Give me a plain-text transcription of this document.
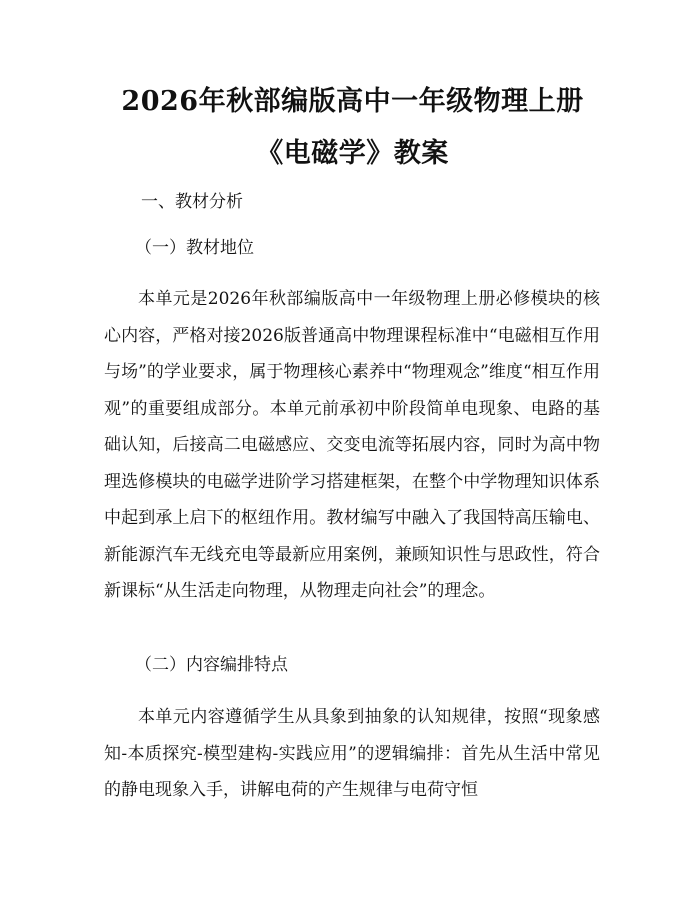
2026年秋部编版高中一年级物理上册《电磁学》教案
一、教材分析
（一）教材地位
本单元是2026年秋部编版高中一年级物理上册必修模块的核心内容，严格对接2026版普通高中物理课程标准中“电磁相互作用与场”的学业要求，属于物理核心素养中“物理观念”维度“相互作用观”的重要组成部分。本单元前承初中阶段简单电现象、电路的基础认知，后接高二电磁感应、交变电流等拓展内容，同时为高中物理选修模块的电磁学进阶学习搭建框架，在整个中学物理知识体系中起到承上启下的枢纽作用。教材编写中融入了我国特高压输电、新能源汽车无线充电等最新应用案例，兼顾知识性与思政性，符合新课标“从生活走向物理，从物理走向社会”的理念。
（二）内容编排特点
本单元内容遵循学生从具象到抽象的认知规律，按照“现象感知-本质探究-模型建构-实践应用”的逻辑编排：首先从生活中常见的静电现象入手，讲解电荷的产生规律与电荷守恒
